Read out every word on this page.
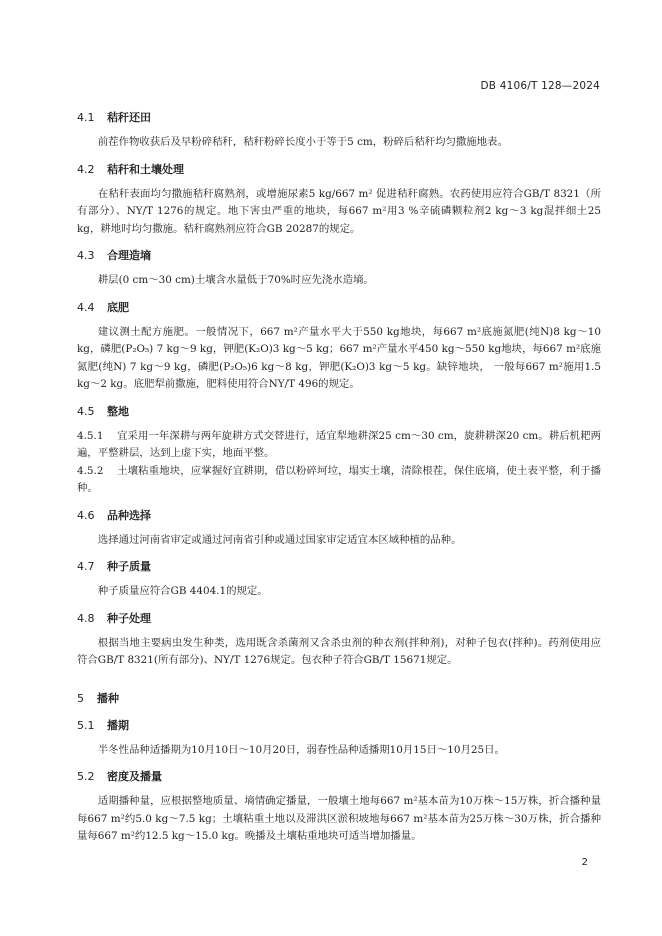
DB 4106/T 128—2024
4.1 秸秆还田

前茬作物收获后及早粉碎秸秆，秸秆粉碎长度小于等于5 cm，粉碎后秸秆均匀撒施地表。

4.2 秸秆和土壤处理

在秸秆表面均匀撒施秸秆腐熟剂，或增施尿素5 kg/667 m² 促进秸秆腐熟。农药使用应符合GB/T 8321（所有部分）、NY/T 1276的规定。地下害虫严重的地块，每667 m²用3 %辛硫磷颗粒剂2 kg～3 kg混拌细土25 kg，耕地时均匀撒施。秸秆腐熟剂应符合GB 20287的规定。

4.3 合理造墒

耕层(0 cm～30 cm)土壤含水量低于70%时应先浇水造墒。

4.4 底肥

建议测土配方施肥。一般情况下，667 m²产量水平大于550 kg地块，每667 m²底施氮肥(纯N)8 kg～10 kg，磷肥(P₂O₅) 7 kg～9 kg，钾肥(K₂O)3 kg～5 kg；667 m²产量水平450 kg～550 kg地块，每667 m²底施氮肥(纯N) 7 kg～9 kg，磷肥(P₂O₅)6 kg～8 kg，钾肥(K₂O)3 kg～5 kg。缺锌地块， 一般每667 m²施用1.5 kg～2 kg。底肥犁前撒施，肥料使用符合NY/T 496的规定。

4.5 整地

4.5.1 宜采用一年深耕与两年旋耕方式交替进行，适宜犁地耕深25 cm～30 cm，旋耕耕深20 cm。耕后机耙两遍，平整耕层，达到上虚下实，地面平整。

4.5.2 土壤粘重地块，应掌握好宜耕期，借以粉碎坷垃，塌实土壤，清除根茬，保住底墒，使土表平整，利于播种。

4.6 品种选择

选择通过河南省审定或通过河南省引种或通过国家审定适宜本区域种植的品种。

4.7 种子质量

种子质量应符合GB 4404.1的规定。

4.8 种子处理

根据当地主要病虫发生种类，选用既含杀菌剂又含杀虫剂的种衣剂(拌种剂)，对种子包衣(拌种)。药剂使用应符合GB/T 8321(所有部分)、NY/T 1276规定。包衣种子符合GB/T 15671规定。

5 播种
5.1 播期

半冬性品种适播期为10月10日～10月20日，弱春性品种适播期10月15日～10月25日。

5.2 密度及播量

适期播种量，应根据整地质量、墒情确定播量，一般壤土地每667 m²基本苗为10万株～15万株，折合播种量每667 m²约5.0 kg～7.5 kg；土壤粘重土地以及滞洪区淤积坡地每667 m²基本苗为25万株～30万株，折合播种量每667 m²约12.5 kg～15.0 kg。晚播及土壤粘重地块可适当增加播量。

2
